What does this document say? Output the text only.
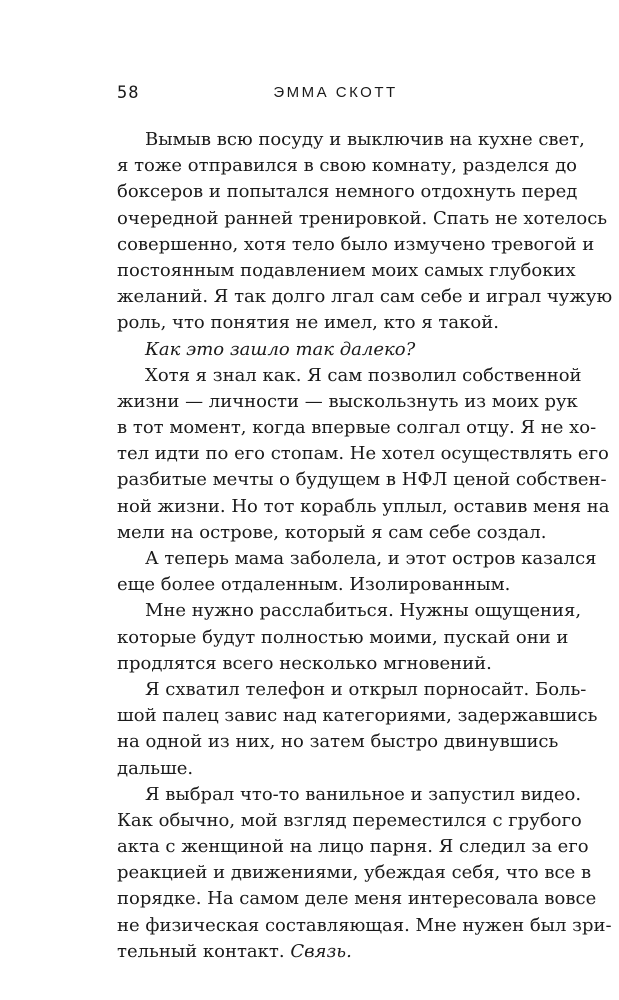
58	ЭММА СКОТТ
Вымыв всю посуду и выключив на кухне свет,
я тоже отправился в свою комнату, разделся до
боксеров и попытался немного отдохнуть перед
очередной ранней тренировкой. Спать не хотелось
совершенно, хотя тело было измучено тревогой и
постоянным подавлением моих самых глубоких
желаний. Я так долго лгал сам себе и играл чужую
роль, что понятия не имел, кто я такой.
Как это зашло так далеко?
Хотя я знал как. Я сам позволил собственной
жизни — личности — выскользнуть из моих рук
в тот момент, когда впервые солгал отцу. Я не хо-
тел идти по его стопам. Не хотел осуществлять его
разбитые мечты о будущем в НФЛ ценой собствен-
ной жизни. Но тот корабль уплыл, оставив меня на
мели на острове, который я сам себе создал.
А теперь мама заболела, и этот остров казался
еще более отдаленным. Изолированным.
Мне нужно расслабиться. Нужны ощущения,
которые будут полностью моими, пускай они и
продлятся всего несколько мгновений.
Я схватил телефон и открыл порносайт. Боль-
шой палец завис над категориями, задержавшись
на одной из них, но затем быстро двинувшись
дальше.
Я выбрал что-то ванильное и запустил видео.
Как обычно, мой взгляд переместился с грубого
акта с женщиной на лицо парня. Я следил за его
реакцией и движениями, убеждая себя, что все в
порядке. На самом деле меня интересовала вовсе
не физическая составляющая. Мне нужен был зри-
тельный контакт. Связь.
